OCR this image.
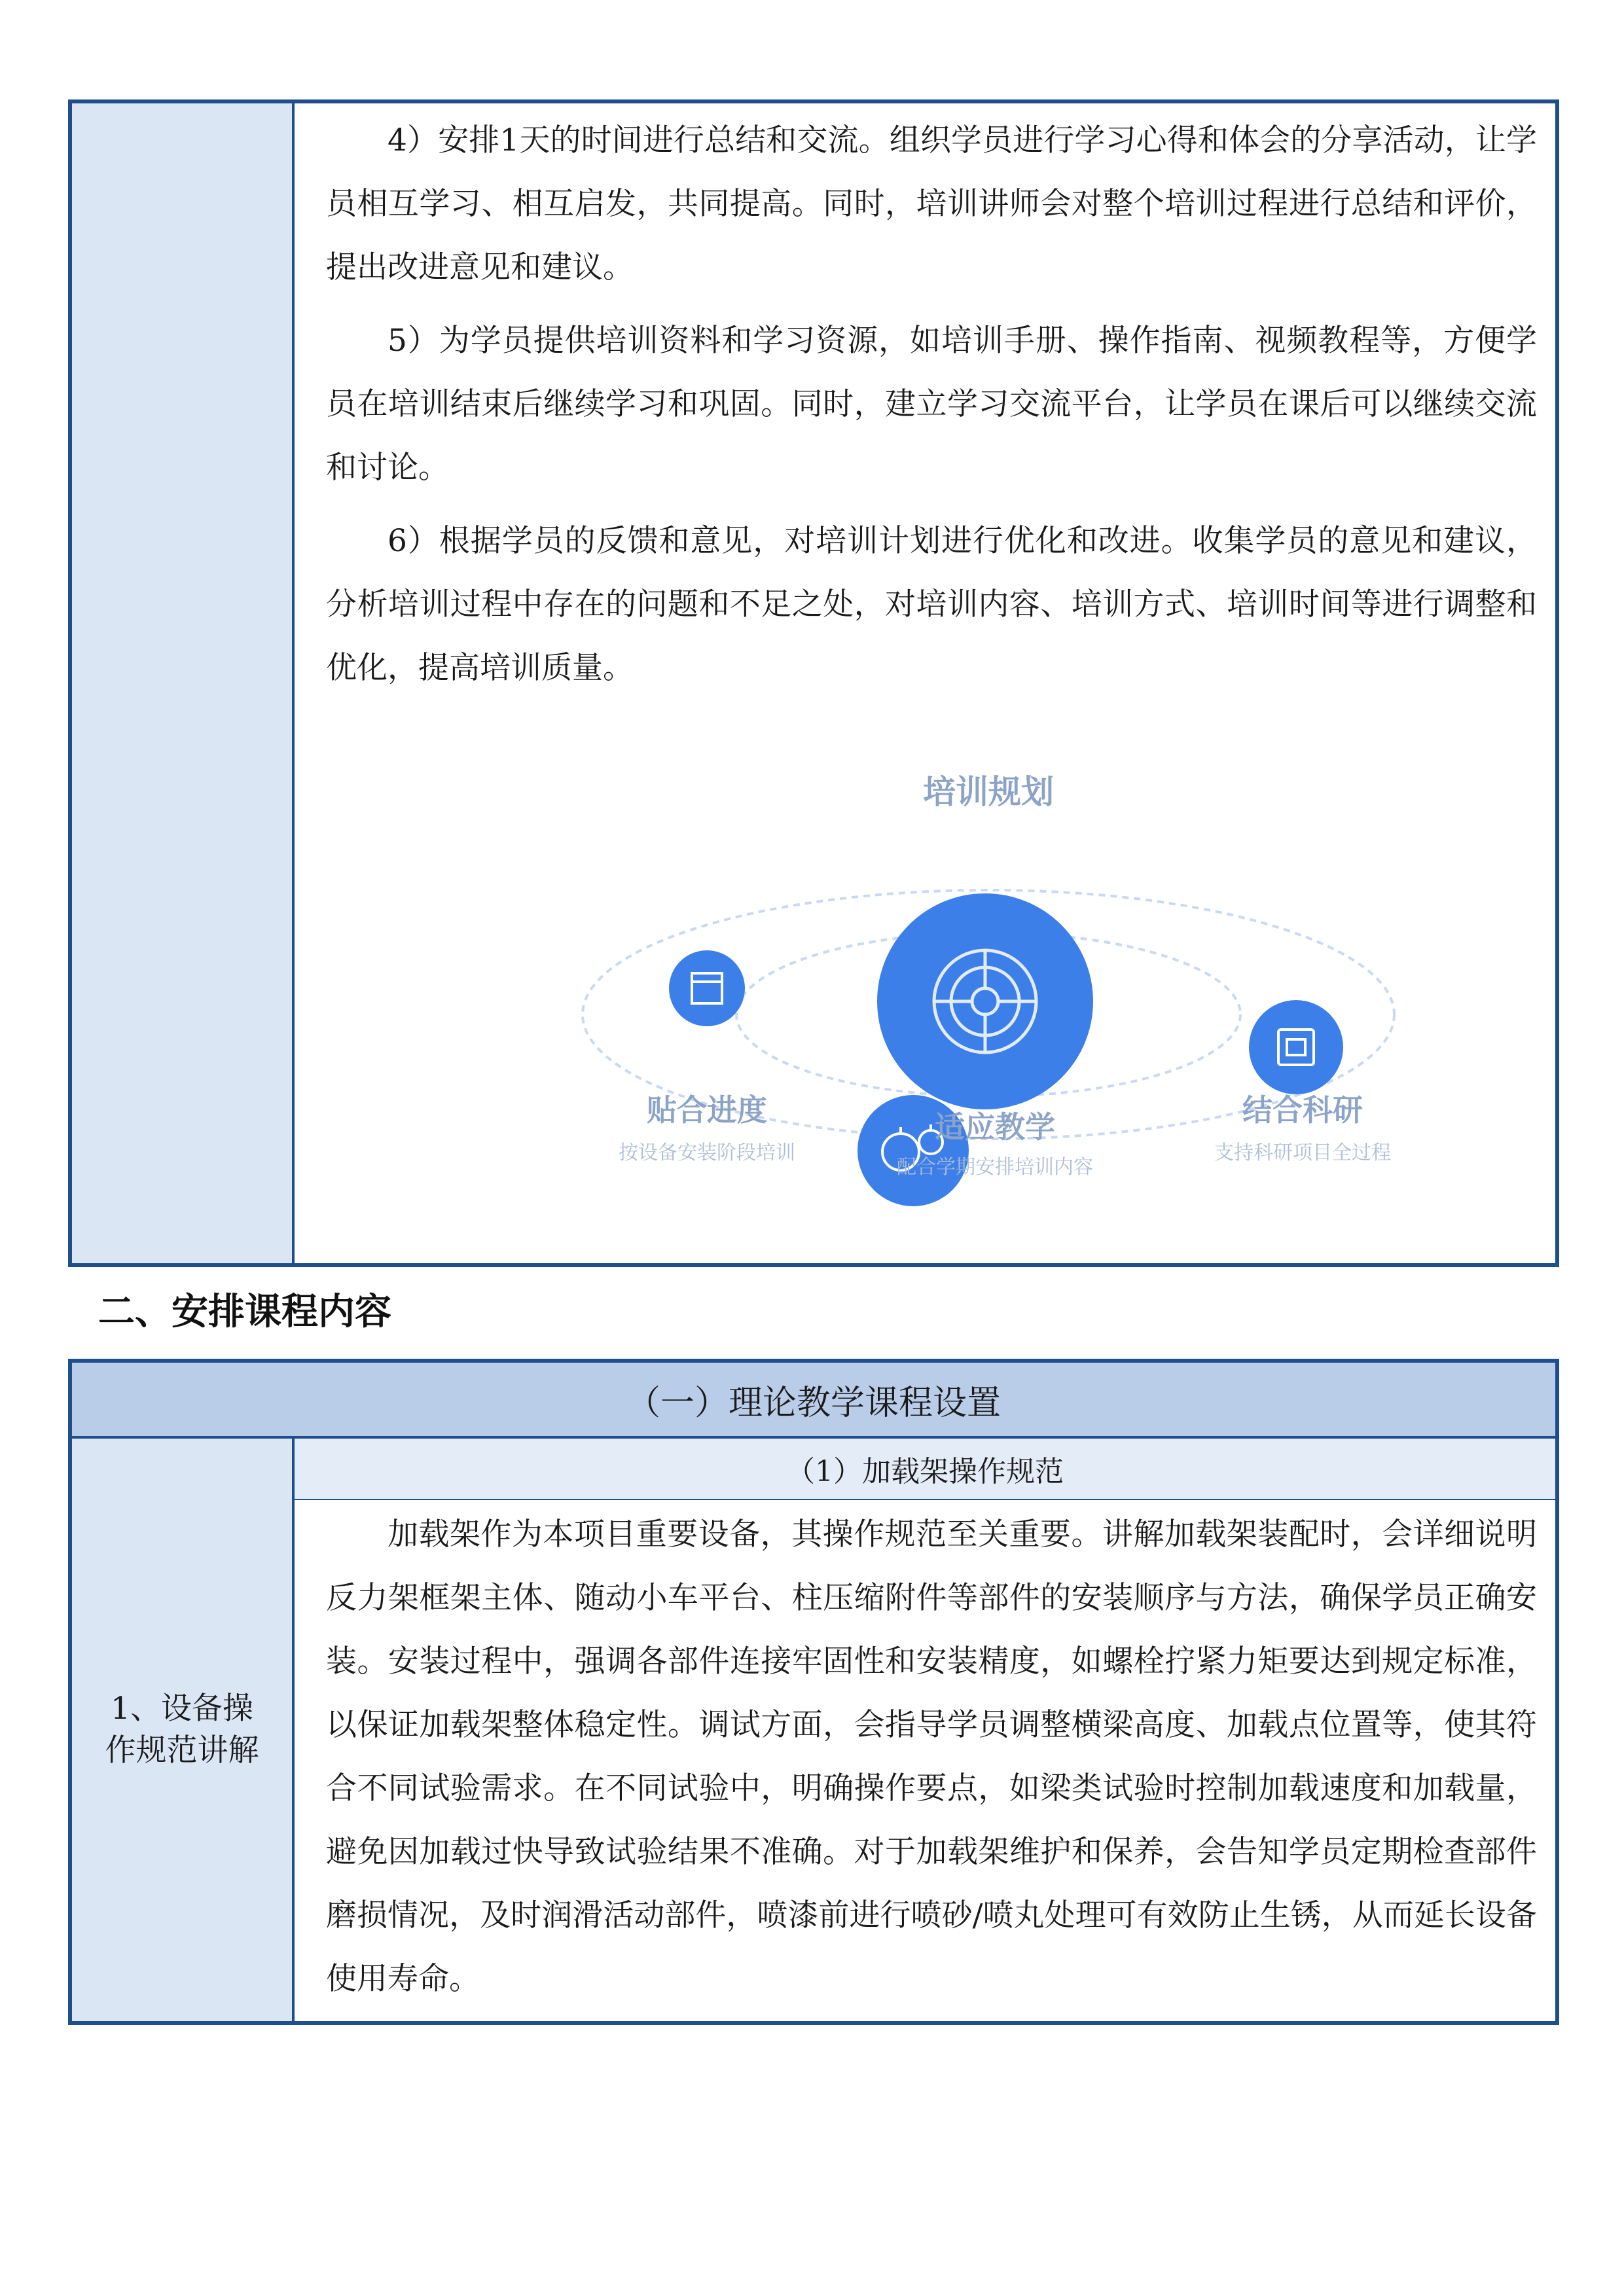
4）安排1天的时间进行总结和交流。组织学员进行学习心得和体会的分享活动，让学员相互学习、相互启发，共同提高。同时，培训讲师会对整个培训过程进行总结和评价，提出改进意见和建议。

5）为学员提供培训资料和学习资源，如培训手册、操作指南、视频教程等，方便学员在培训结束后继续学习和巩固。同时，建立学习交流平台，让学员在课后可以继续交流和讨论。

6）根据学员的反馈和意见，对培训计划进行优化和改进。收集学员的意见和建议，分析培训过程中存在的问题和不足之处，对培训内容、培训方式、培训时间等进行调整和优化，提高培训质量。

培训规划
贴合进度
按设备安装阶段培训
适应教学
配合学期安排培训内容
结合科研
支持科研项目全过程
二、安排课程内容
（一）理论教学课程设置
1、设备操作规范讲解
（1）加载架操作规范

加载架作为本项目重要设备，其操作规范至关重要。讲解加载架装配时，会详细说明反力架框架主体、随动小车平台、柱压缩附件等部件的安装顺序与方法，确保学员正确安装。安装过程中，强调各部件连接牢固性和安装精度，如螺栓拧紧力矩要达到规定标准，以保证加载架整体稳定性。调试方面，会指导学员调整横梁高度、加载点位置等，使其符合不同试验需求。在不同试验中，明确操作要点，如梁类试验时控制加载速度和加载量，避免因加载过快导致试验结果不准确。对于加载架维护和保养，会告知学员定期检查部件磨损情况，及时润滑活动部件，喷漆前进行喷砂/喷丸处理可有效防止生锈，从而延长设备使用寿命。
